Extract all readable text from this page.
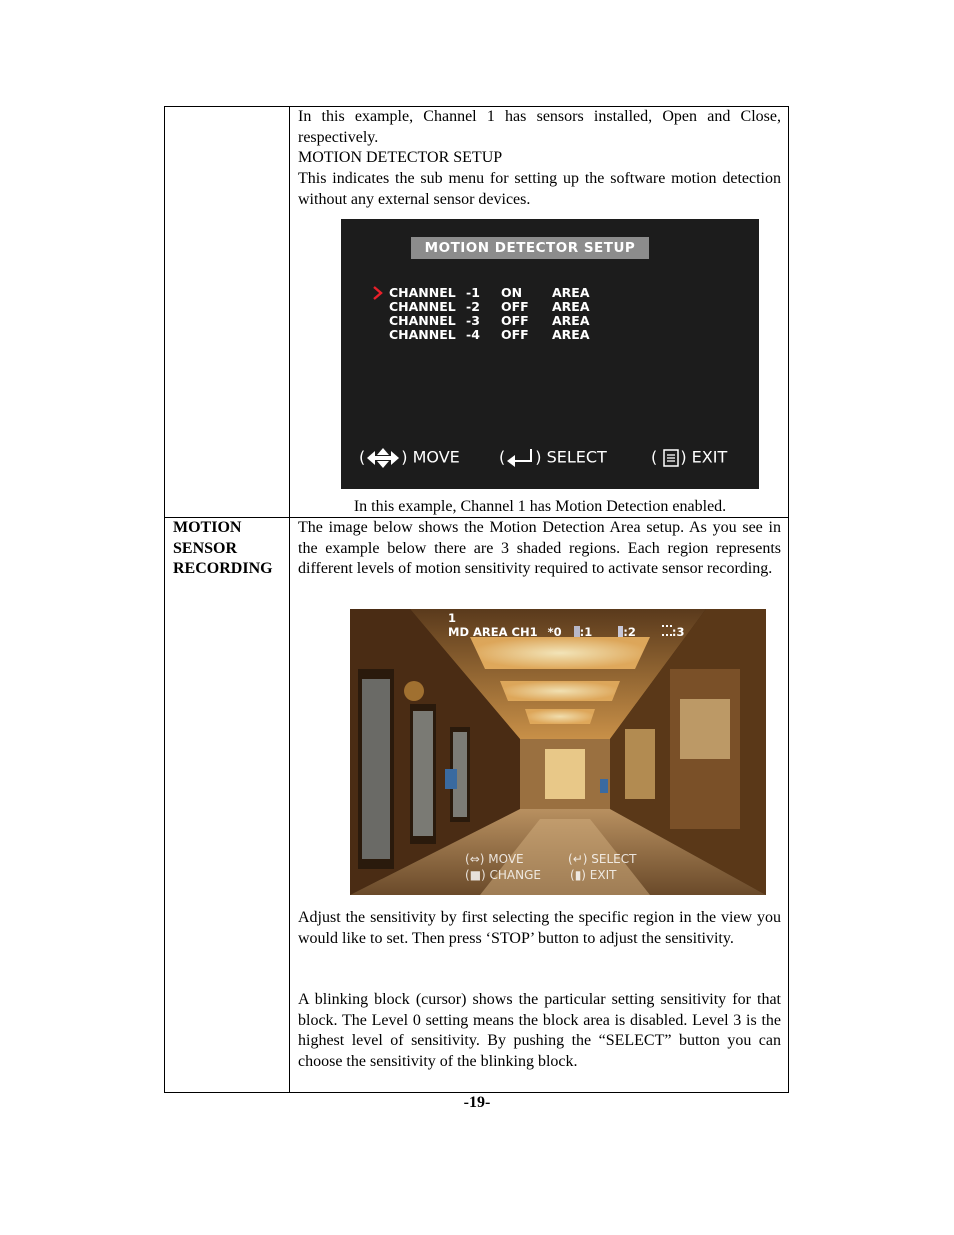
In this example, Channel 1 has sensors installed, Open and Close, respectively.

MOTION DETECTOR SETUP

This indicates the sub menu for setting up the software motion detection without any external sensor devices.

MOTION DETECTOR SETUP
CHANNEL -1 ON AREA
CHANNEL -2 OFF AREA
CHANNEL -3 OFF AREA
CHANNEL -4 OFF AREA
( ) MOVE ( ) SELECT	( ) EXIT

In this example, Channel 1 has Motion Detection enabled.

MOTION
SENSOR
RECORDING

The image below shows the Motion Detection Area setup. As you see in the example below there are 3 shaded regions. Each region represents different levels of motion sensitivity required to activate sensor recording.

1
MD AREA CH1 *0 :1	:2	:3
(⇔) MOVE
(■) CHANGE
(↵) SELECT
(▮) EXIT

Adjust the sensitivity by first selecting the specific region in the view you would like to set. Then press ‘STOP’ button to adjust the sensitivity.

A blinking block (cursor) shows the particular setting sensitivity for that block. The Level 0 setting means the block area is disabled. Level 3 is the highest level of sensitivity. By pushing the “SELECT” button you can choose the sensitivity of the blinking block.

-19-
